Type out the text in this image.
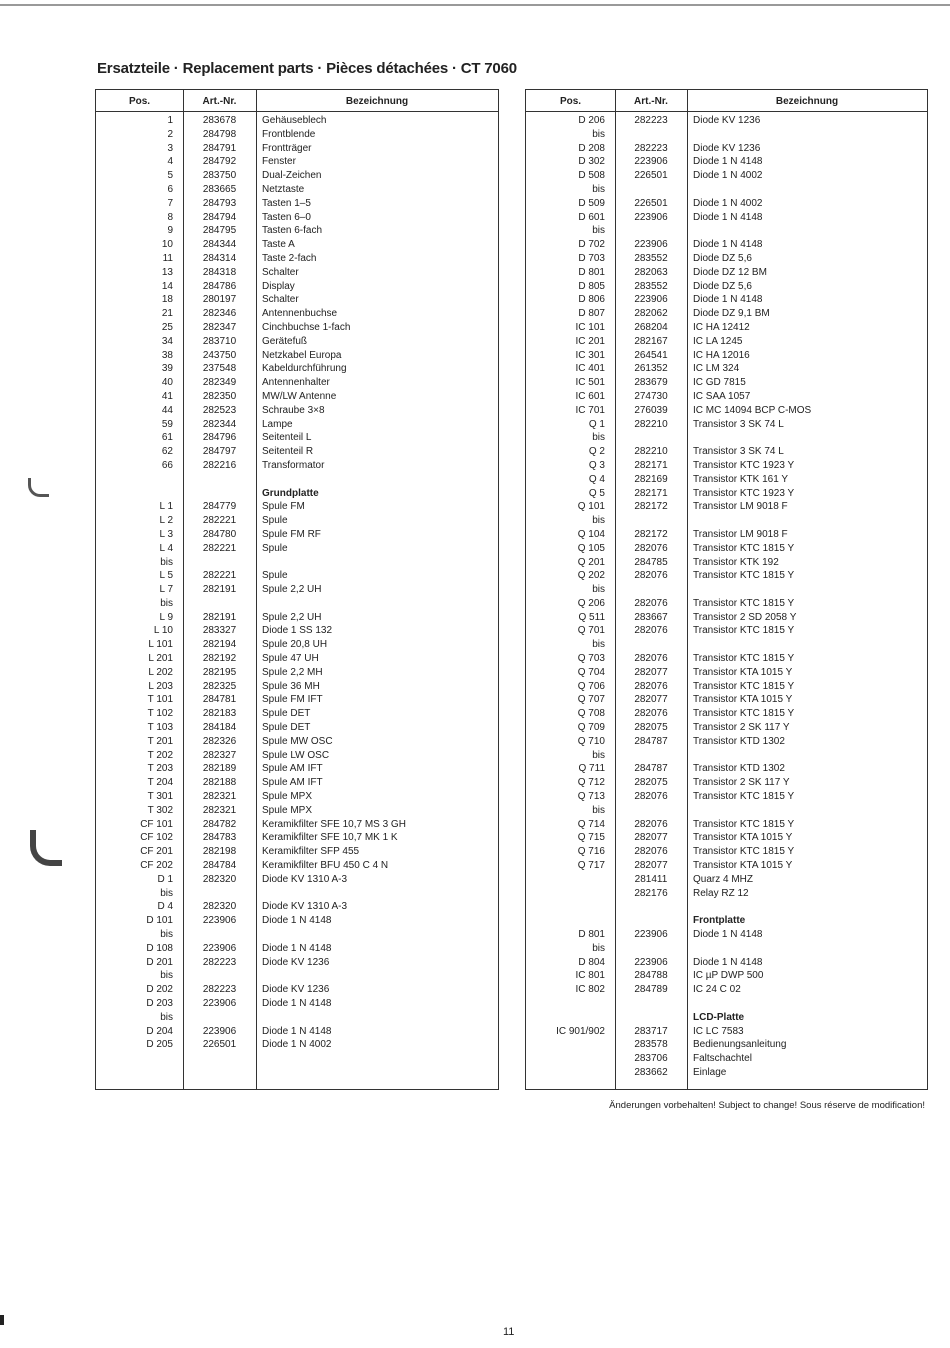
Ersatzteile · Replacement parts · Pièces détachées · CT 7060
Pos.	Art.-Nr.	Bezeichnung
1	283678	Gehäuseblech
2	284798	Frontblende
3	284791	Frontträger
4	284792	Fenster
5	283750	Dual-Zeichen
6	283665	Netztaste
7	284793	Tasten 1–5
8	284794	Tasten 6–0
9	284795	Tasten 6-fach
10	284344	Taste A
11	284314	Taste 2-fach
13	284318	Schalter
14	284786	Display
18	280197	Schalter
21	282346	Antennenbuchse
25	282347	Cinchbuchse 1-fach
34	283710	Gerätefuß
38	243750	Netzkabel Europa
39	237548	Kabeldurchführung
40	282349	Antennenhalter
41	282350	MW/LW Antenne
44	282523	Schraube 3×8
59	282344	Lampe
61	284796	Seitenteil L
62	284797	Seitenteil R
66	282216	Transformator
Grundplatte
L 1	284779	Spule FM
L 2	282221	Spule
L 3	284780	Spule FM RF
L 4	282221	Spule
bis
L 5	282221	Spule
L 7	282191	Spule 2,2 UH
bis
L 9	282191	Spule 2,2 UH
L 10	283327	Diode 1 SS 132
L 101	282194	Spule 20,8 UH
L 201	282192	Spule 47 UH
L 202	282195	Spule 2,2 MH
L 203	282325	Spule 36 MH
T 101	284781	Spule FM IFT
T 102	282183	Spule DET
T 103	284184	Spule DET
T 201	282326	Spule MW OSC
T 202	282327	Spule LW OSC
T 203	282189	Spule AM IFT
T 204	282188	Spule AM IFT
T 301	282321	Spule MPX
T 302	282321	Spule MPX
CF 101	284782	Keramikfilter SFE 10,7 MS 3 GH
CF 102	284783	Keramikfilter SFE 10,7 MK 1 K
CF 201	282198	Keramikfilter SFP 455
CF 202	284784	Keramikfilter BFU 450 C 4 N
D 1	282320	Diode KV 1310 A-3
bis
D 4	282320	Diode KV 1310 A-3
D 101	223906	Diode 1 N 4148
bis
D 108	223906	Diode 1 N 4148
D 201	282223	Diode KV 1236
bis
D 202	282223	Diode KV 1236
D 203	223906	Diode 1 N 4148
bis
D 204	223906	Diode 1 N 4148
D 205	226501	Diode 1 N 4002
Pos.	Art.-Nr.	Bezeichnung
D 206	282223	Diode KV 1236
bis
D 208	282223	Diode KV 1236
D 302	223906	Diode 1 N 4148
D 508	226501	Diode 1 N 4002
bis
D 509	226501	Diode 1 N 4002
D 601	223906	Diode 1 N 4148
bis
D 702	223906	Diode 1 N 4148
D 703	283552	Diode DZ 5,6
D 801	282063	Diode DZ 12 BM
D 805	283552	Diode DZ 5,6
D 806	223906	Diode 1 N 4148
D 807	282062	Diode DZ 9,1 BM
IC 101	268204	IC HA 12412
IC 201	282167	IC LA 1245
IC 301	264541	IC HA 12016
IC 401	261352	IC LM 324
IC 501	283679	IC GD 7815
IC 601	274730	IC SAA 1057
IC 701	276039	IC MC 14094 BCP C-MOS
Q 1	282210	Transistor 3 SK 74 L
bis
Q 2	282210	Transistor 3 SK 74 L
Q 3	282171	Transistor KTC 1923 Y
Q 4	282169	Transistor KTK 161 Y
Q 5	282171	Transistor KTC 1923 Y
Q 101	282172	Transistor LM 9018 F
bis
Q 104	282172	Transistor LM 9018 F
Q 105	282076	Transistor KTC 1815 Y
Q 201	284785	Transistor KTK 192
Q 202	282076	Transistor KTC 1815 Y
bis
Q 206	282076	Transistor KTC 1815 Y
Q 511	283667	Transistor 2 SD 2058 Y
Q 701	282076	Transistor KTC 1815 Y
bis
Q 703	282076	Transistor KTC 1815 Y
Q 704	282077	Transistor KTA 1015 Y
Q 706	282076	Transistor KTC 1815 Y
Q 707	282077	Transistor KTA 1015 Y
Q 708	282076	Transistor KTC 1815 Y
Q 709	282075	Transistor 2 SK 117 Y
Q 710	284787	Transistor KTD 1302
bis
Q 711	284787	Transistor KTD 1302
Q 712	282075	Transistor 2 SK 117 Y
Q 713	282076	Transistor KTC 1815 Y
bis
Q 714	282076	Transistor KTC 1815 Y
Q 715	282077	Transistor KTA 1015 Y
Q 716	282076	Transistor KTC 1815 Y
Q 717	282077	Transistor KTA 1015 Y
281411	Quarz 4 MHZ
282176	Relay RZ 12
Frontplatte
D 801	223906	Diode 1 N 4148
bis
D 804	223906	Diode 1 N 4148
IC 801	284788	IC µP DWP 500
IC 802	284789	IC 24 C 02
LCD-Platte
IC 901/902	283717	IC LC 7583
283578	Bedienungsanleitung
283706	Faltschachtel
283662	Einlage
Änderungen vorbehalten! Subject to change! Sous réserve de modification!
11
